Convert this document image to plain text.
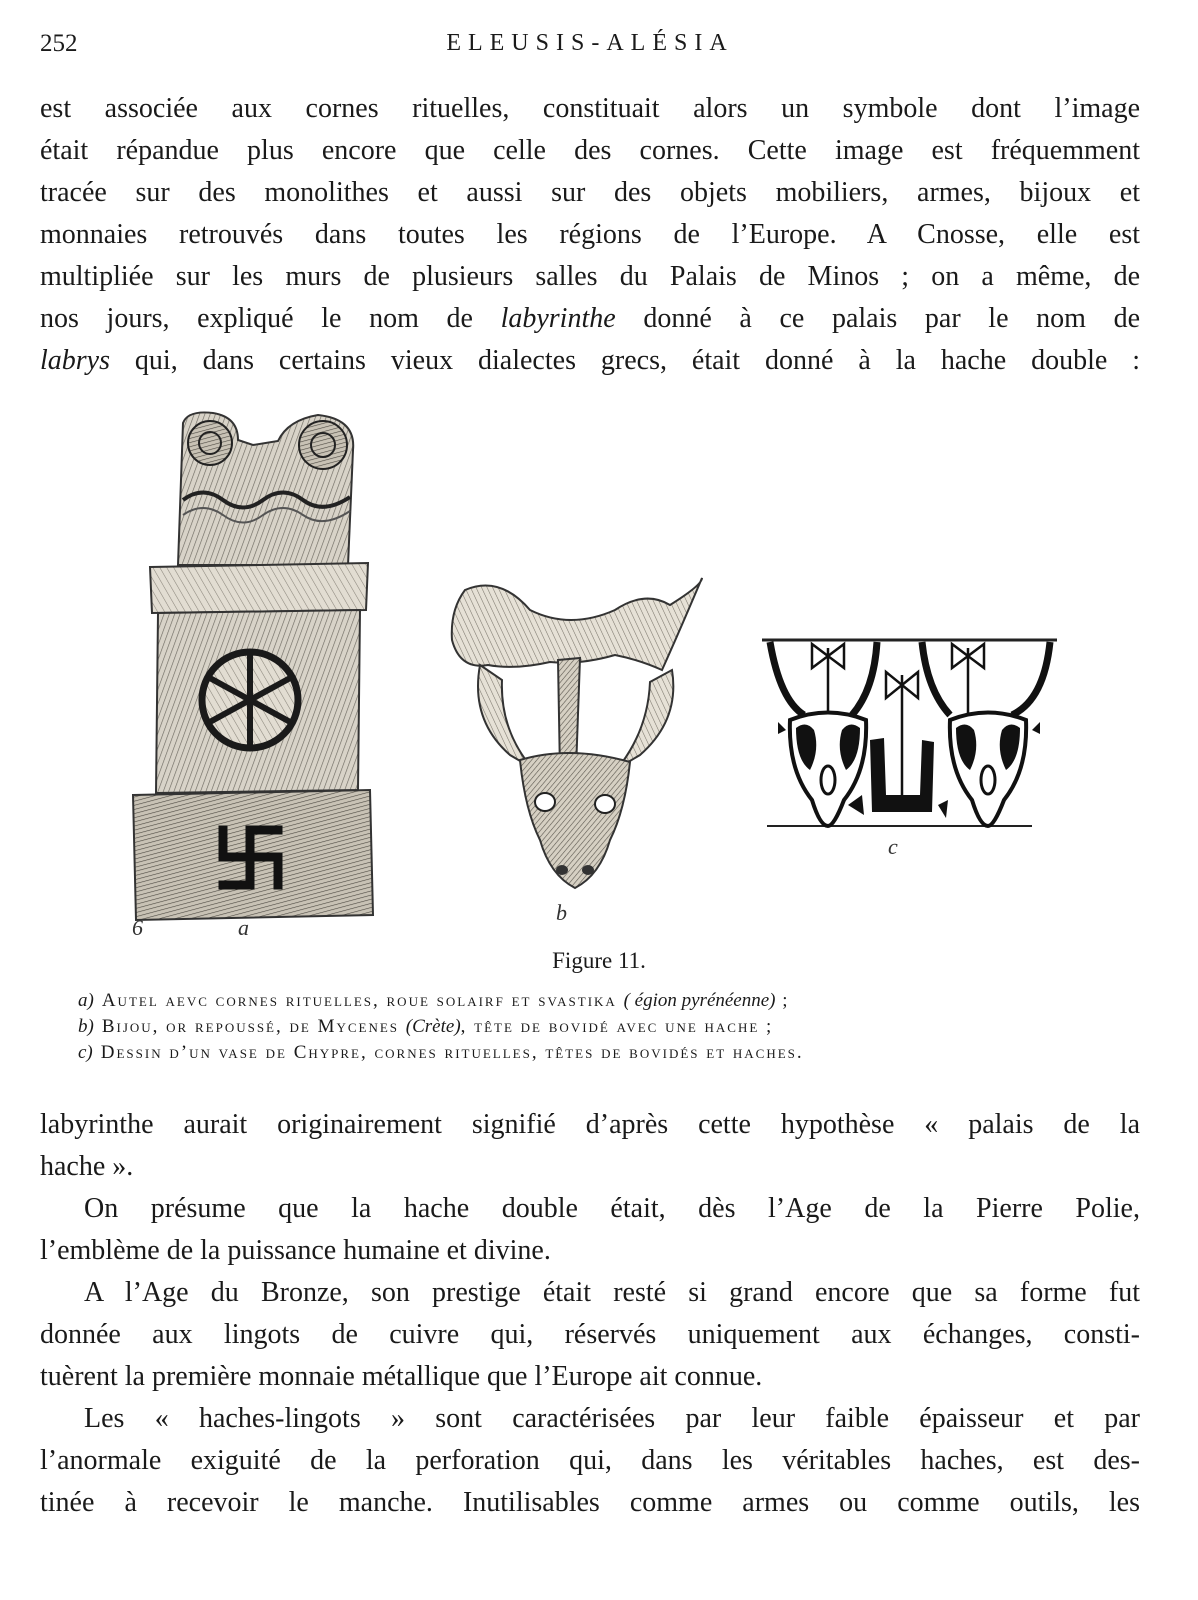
252	ELEUSIS-ALÉSIA
est associée aux cornes rituelles, constituait alors un symbole dont l’image
était répandue plus encore que celle des cornes. Cette image est fréquemment
tracée sur des monolithes et aussi sur des objets mobiliers, armes, bijoux et
monnaies retrouvés dans toutes les régions de l’Europe. A Cnosse, elle est
multipliée sur les murs de plusieurs salles du Palais de Minos ; on a même, de
nos jours, expliqué le nom de labyrinthe donné à ce palais par le nom de
labrys qui, dans certains vieux dialectes grecs, était donné à la hache double :
6	a
b
c
Figure 11.
a) Autel aevc cornes rituelles, roue solairf et svastika ( égion pyrénéenne) ;
b) Bijou, or repoussé, de Mycenes (Crète), tête de bovidé avec une hache ;
c) Dessin d’un vase de Chypre, cornes rituelles, têtes de bovidés et haches.
labyrinthe aurait originairement signifié d’après cette hypothèse « palais de la
hache ».
On présume que la hache double était, dès l’Age de la Pierre Polie,
l’emblème de la puissance humaine et divine.
A l’Age du Bronze, son prestige était resté si grand encore que sa forme fut
donnée aux lingots de cuivre qui, réservés uniquement aux échanges, consti-
tuèrent la première monnaie métallique que l’Europe ait connue.
Les « haches-lingots » sont caractérisées par leur faible épaisseur et par
l’anormale exiguité de la perforation qui, dans les véritables haches, est des-
tinée à recevoir le manche. Inutilisables comme armes ou comme outils, les
